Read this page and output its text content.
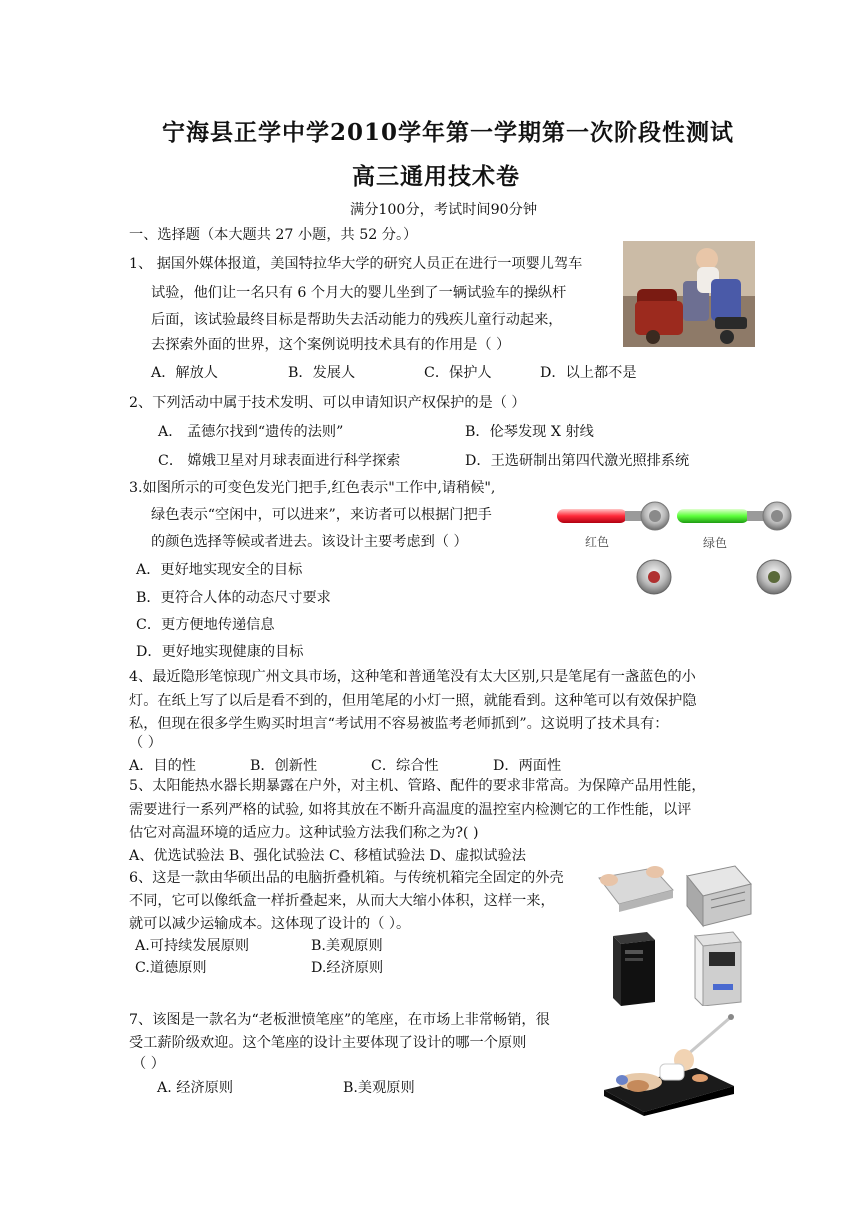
宁海县正学中学2010学年第一学期第一次阶段性测试
高三通用技术卷
满分100分，考试时间90分钟
一、选择题（本大题共 27 小题，共 52 分。）
1、 据国外媒体报道，美国特拉华大学的研究人员正在进行一项婴儿驾车
试验，他们让一名只有 6 个月大的婴儿坐到了一辆试验车的操纵杆
后面，该试验最终目标是帮助失去活动能力的残疾儿童行动起来，
去探索外面的世界，这个案例说明技术具有的作用是（ ）
A．解放人	B．发展人	C．保护人	D．以上都不是
2、下列活动中属于技术发明、可以申请知识产权保护的是（ ）
A． 孟德尔找到“遗传的法则”	B．伦琴发现 X 射线
C． 嫦娥卫星对月球表面进行科学探索	D．王选研制出第四代激光照排系统
3.如图所示的可变色发光门把手,红色表示"工作中,请稍候",
绿色表示“空闲中，可以进来”，来访者可以根据门把手
的颜色选择等候或者进去。该设计主要考虑到（ ）
A．更好地实现安全的目标
B．更符合人体的动态尺寸要求
C．更方便地传递信息
D．更好地实现健康的目标
红色	绿色
4、最近隐形笔惊现广州文具市场，这种笔和普通笔没有太大区别,只是笔尾有一盏蓝色的小
灯。在纸上写了以后是看不到的，但用笔尾的小灯一照，就能看到。这种笔可以有效保护隐
私，但现在很多学生购买时坦言“考试用不容易被监考老师抓到”。这说明了技术具有：
（ ）
A．目的性	B．创新性	C．综合性	D．两面性
5、太阳能热水器长期暴露在户外，对主机、管路、配件的要求非常高。为保障产品用性能，
需要进行一系列严格的试验, 如将其放在不断升高温度的温控室内检测它的工作性能，以评
估它对高温环境的适应力。这种试验方法我们称之为?( )
A、优选试验法 B、强化试验法 C、移植试验法 D、虚拟试验法
6、这是一款由华硕出品的电脑折叠机箱。与传统机箱完全固定的外壳
不同，它可以像纸盒一样折叠起来，从而大大缩小体积，这样一来，
就可以减少运输成本。这体现了设计的（ ）。
A.可持续发展原则	B.美观原则
C.道德原则	D.经济原则
7、该图是一款名为“老板泄愤笔座”的笔座，在市场上非常畅销，很
受工薪阶级欢迎。这个笔座的设计主要体现了设计的哪一个原则
（ ）
A. 经济原则	B.美观原则
